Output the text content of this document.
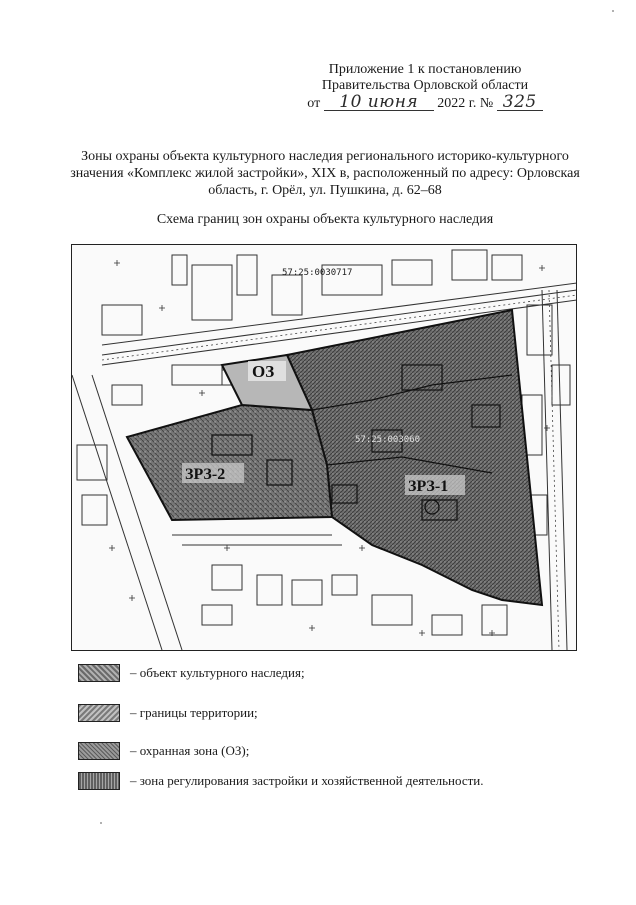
Приложение 1 к постановлению
Правительства Орловской области
от 10 июня 2022 г. № 325
Зоны охраны объекта культурного наследия регионального историко-культурного значения «Комплекс жилой застройки», XIX в, расположенный по адресу: Орловская область, г. Орёл, ул. Пушкина, д. 62–68
Схема границ зон охраны объекта культурного наследия
ОЗ
ЗРЗ-1
ЗРЗ-2
57:25:0030717
57:25:003060
– объект культурного наследия;
– границы территории;
– охранная зона (ОЗ);
– зона регулирования застройки и хозяйственной деятельности.
